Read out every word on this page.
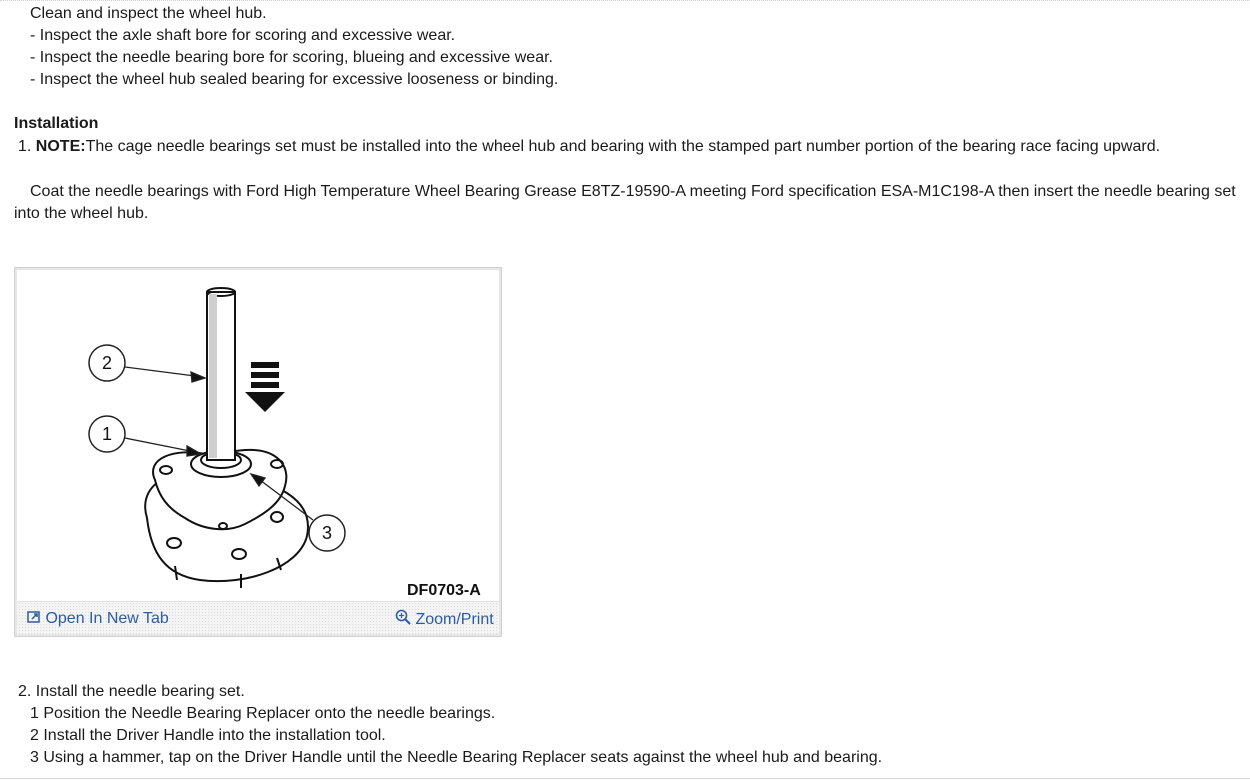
Clean and inspect the wheel hub.
- Inspect the axle shaft bore for scoring and excessive wear.
- Inspect the needle bearing bore for scoring, blueing and excessive wear.
- Inspect the wheel hub sealed bearing for excessive looseness or binding.
Installation
1. NOTE:The cage needle bearings set must be installed into the wheel hub and bearing with the stamped part number portion of the bearing race facing upward.
Coat the needle bearings with Ford High Temperature Wheel Bearing Grease E8TZ-19590-A meeting Ford specification ESA-M1C198-A then insert the needle bearing set
into the wheel hub.
2
1
3
DF0703-A
Open In New Tab	Zoom/Print
2. Install the needle bearing set.
1 Position the Needle Bearing Replacer onto the needle bearings.
2 Install the Driver Handle into the installation tool.
3 Using a hammer, tap on the Driver Handle until the Needle Bearing Replacer seats against the wheel hub and bearing.
